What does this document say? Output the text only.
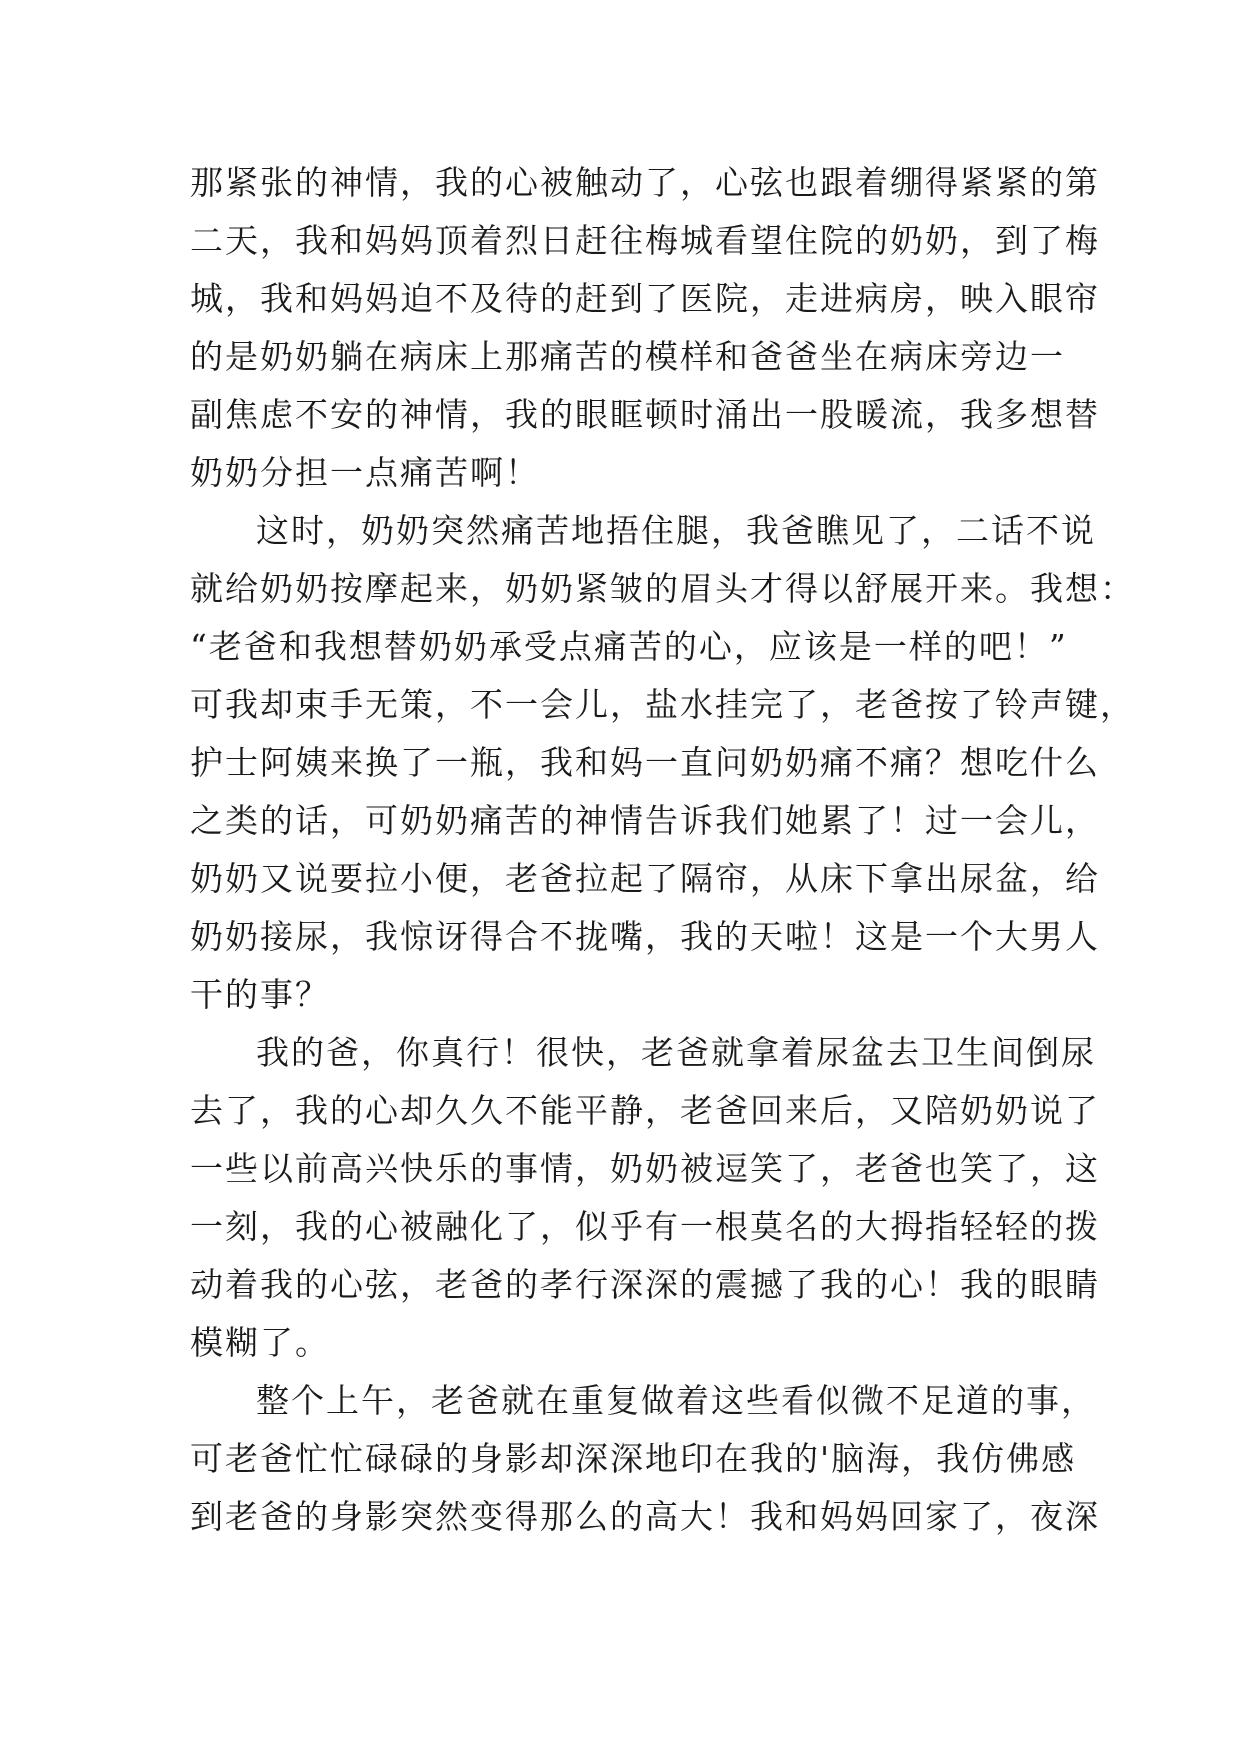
那紧张的神情，我的心被触动了，心弦也跟着绷得紧紧的第
二天，我和妈妈顶着烈日赶往梅城看望住院的奶奶，到了梅
城，我和妈妈迫不及待的赶到了医院，走进病房，映入眼帘
的是奶奶躺在病床上那痛苦的模样和爸爸坐在病床旁边一
副焦虑不安的神情，我的眼眶顿时涌出一股暖流，我多想替
奶奶分担一点痛苦啊！
这时，奶奶突然痛苦地捂住腿，我爸瞧见了，二话不说
就给奶奶按摩起来，奶奶紧皱的眉头才得以舒展开来。我想：
“老爸和我想替奶奶承受点痛苦的心，应该是一样的吧！”
可我却束手无策，不一会儿，盐水挂完了，老爸按了铃声键，
护士阿姨来换了一瓶，我和妈一直问奶奶痛不痛？想吃什么
之类的话，可奶奶痛苦的神情告诉我们她累了！过一会儿，
奶奶又说要拉小便，老爸拉起了隔帘，从床下拿出尿盆，给
奶奶接尿，我惊讶得合不拢嘴，我的天啦！这是一个大男人
干的事？
我的爸，你真行！很快，老爸就拿着尿盆去卫生间倒尿
去了，我的心却久久不能平静，老爸回来后，又陪奶奶说了
一些以前高兴快乐的事情，奶奶被逗笑了，老爸也笑了，这
一刻，我的心被融化了，似乎有一根莫名的大拇指轻轻的拨
动着我的心弦，老爸的孝行深深的震撼了我的心！我的眼睛
模糊了。
整个上午，老爸就在重复做着这些看似微不足道的事，
可老爸忙忙碌碌的身影却深深地印在我的'脑海，我仿佛感
到老爸的身影突然变得那么的高大！我和妈妈回家了，夜深
